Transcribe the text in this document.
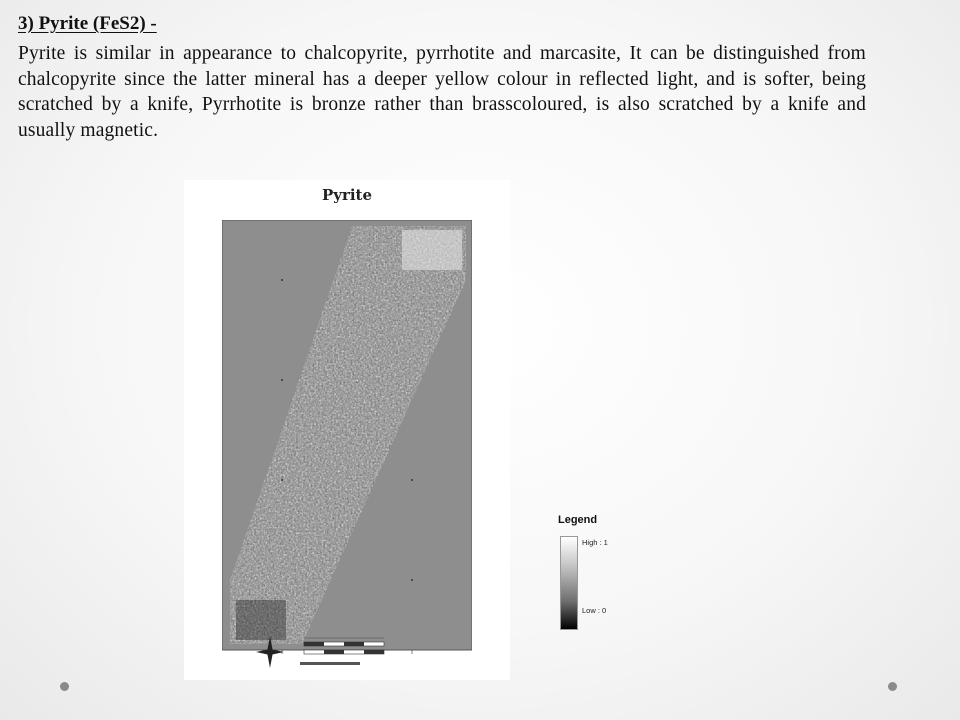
3) Pyrite (FeS2) -
Pyrite is similar in appearance to chalcopyrite, pyrrhotite and marcasite, It can be distinguished from chalcopyrite since the latter mineral has a deeper yellow colour in reflected light, and is softer, being scratched by a knife, Pyrrhotite is bronze rather than brasscoloured, is also scratched by a knife and usually magnetic.
Pyrite
Legend
High : 1
Low : 0
